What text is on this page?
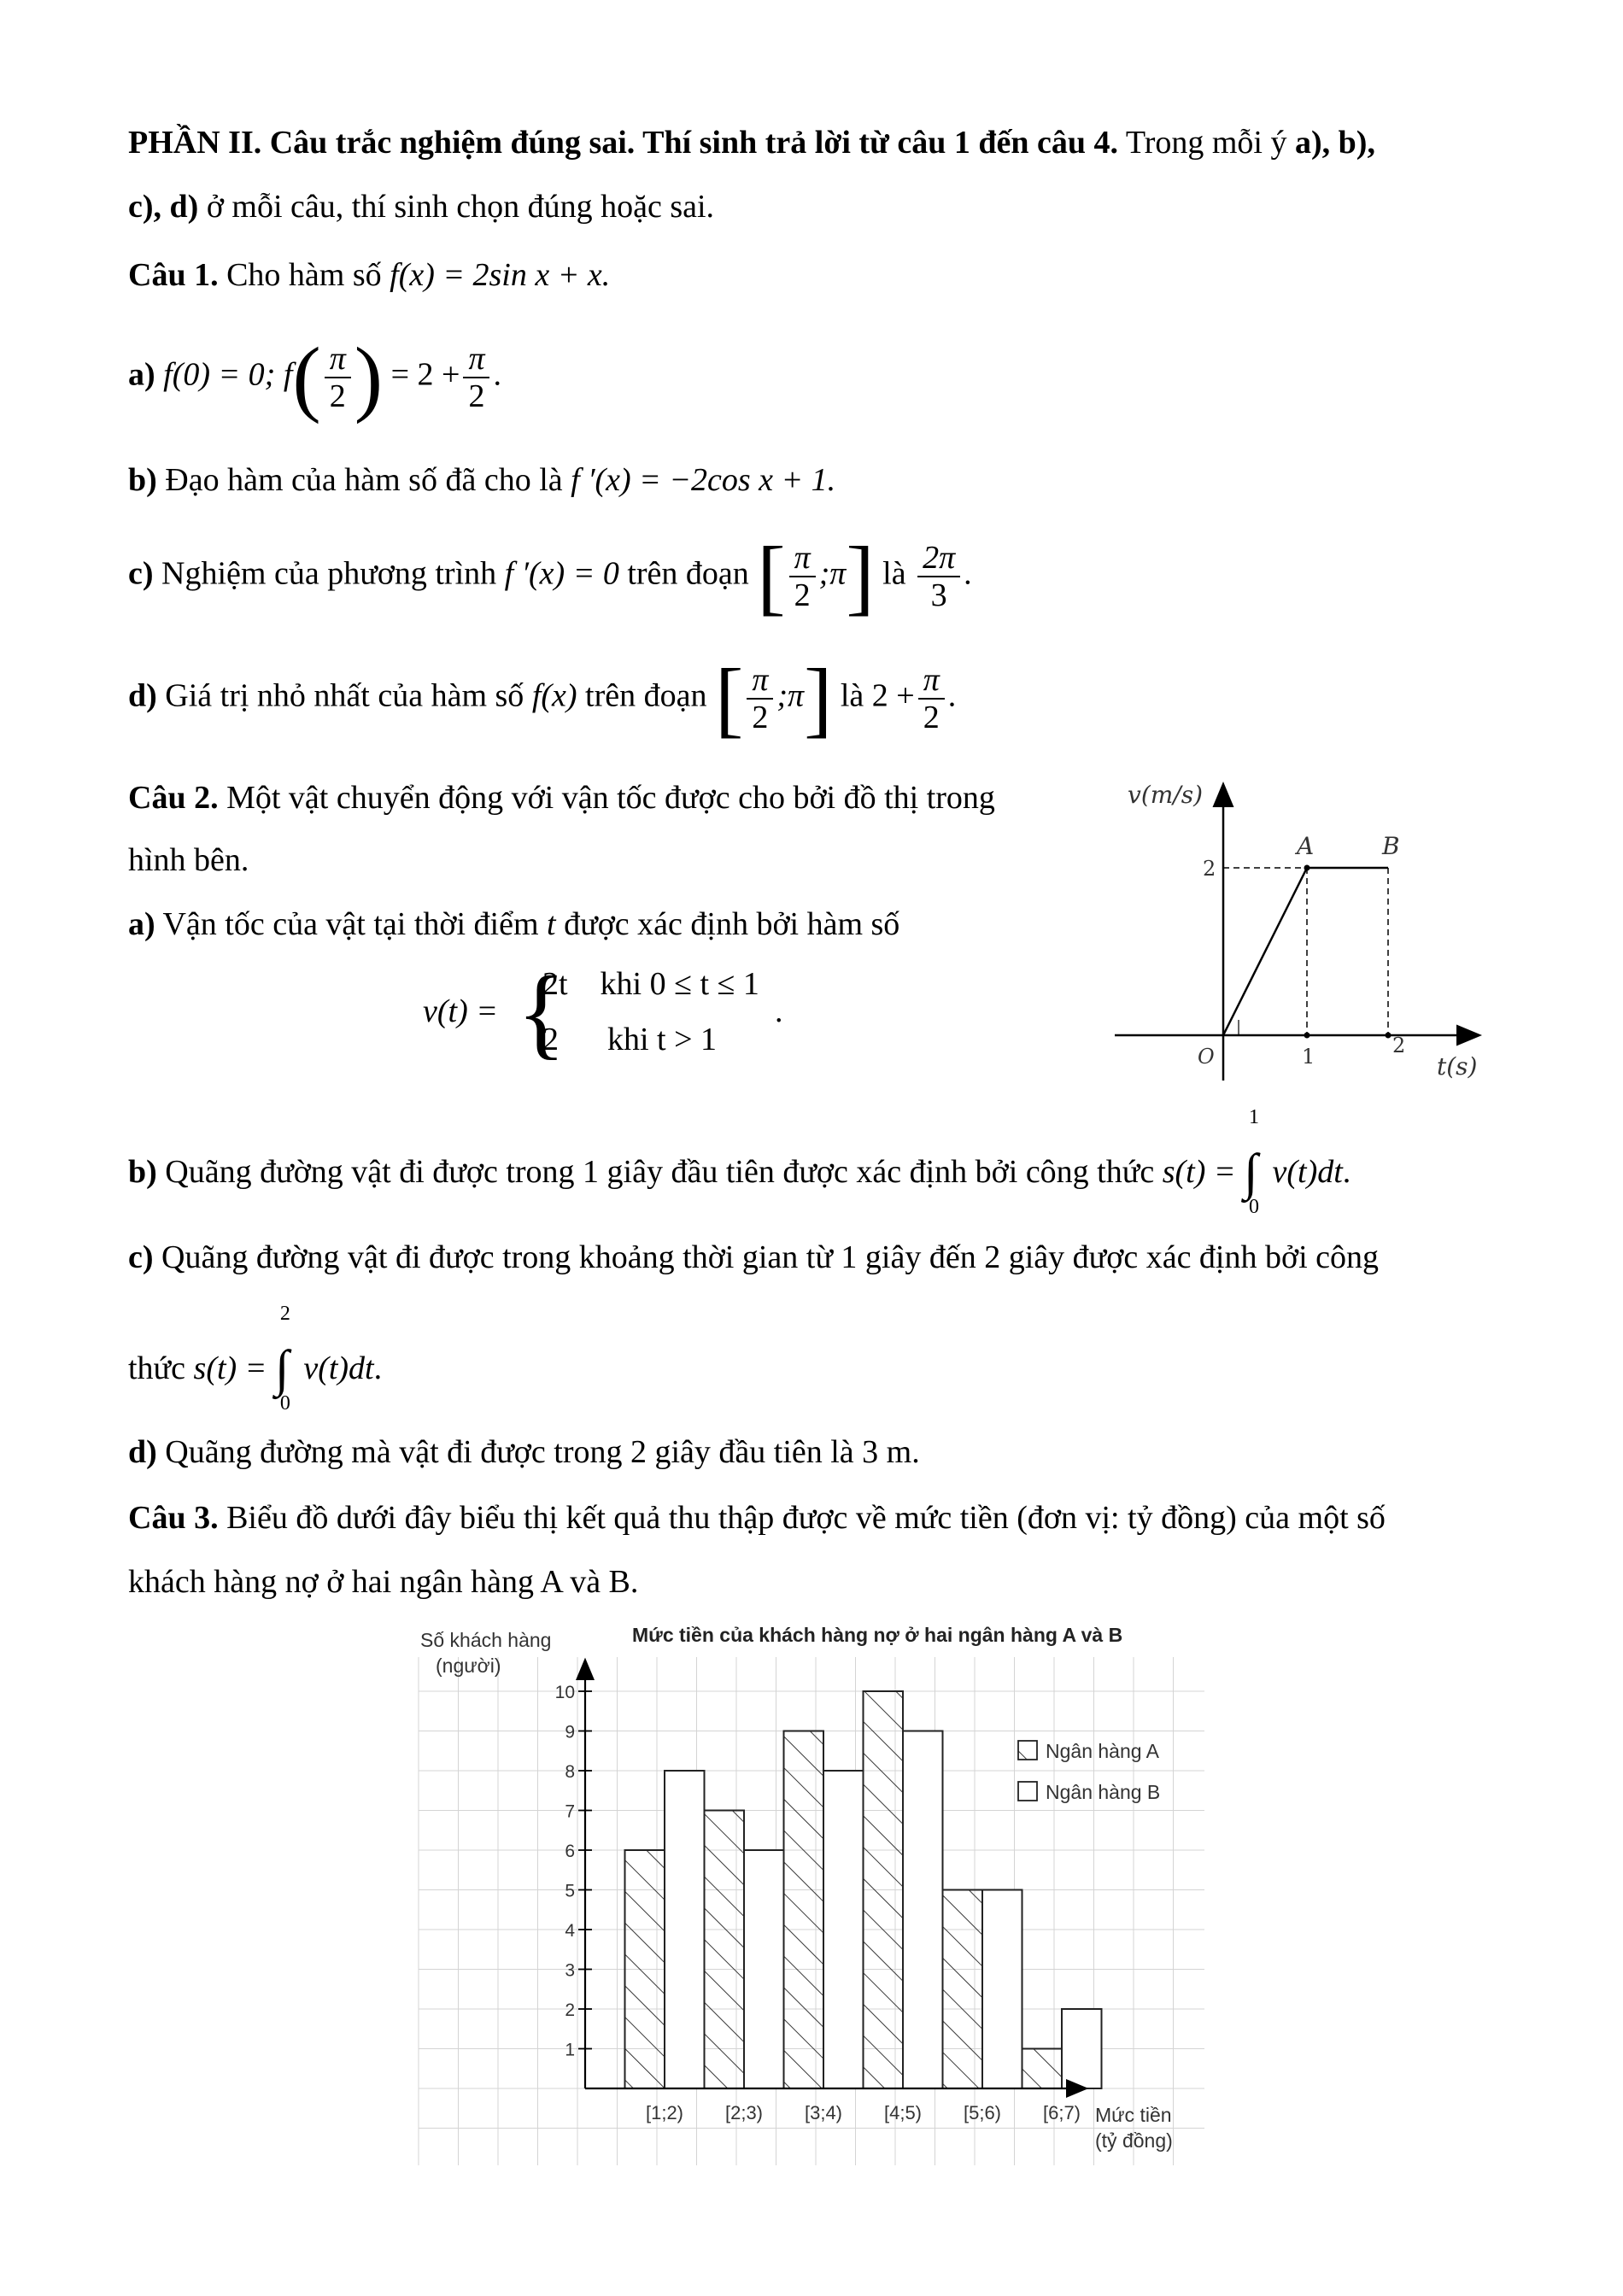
PHẦN II. Câu trắc nghiệm đúng sai. Thí sinh trả lời từ câu 1 đến câu 4. Trong mỗi ý a), b),
c), d) ở mỗi câu, thí sinh chọn đúng hoặc sai.
Câu 1. Cho hàm số f(x) = 2sin x + x.
a) f(0) = 0; $f( \frac{\pi}{2}$ ) = $2 + \frac{\pi}{2}$ .
b) Đạo hàm của hàm số đã cho là f ′(x) = −2cos x + 1.
c) Nghiệm của phương trình f ′(x) = 0 trên đoạn [ $\frac{\pi}{2}$ ;π] là $\frac{2\pi}{3}$ .
d) Giá trị nhỏ nhất của hàm số f(x) trên đoạn [ $\frac{\pi}{2}$ ;π] là $2 + \frac{\pi}{2}$ .
Câu 2. Một vật chuyển động với vận tốc được cho bởi đồ thị trong
hình bên.
a) Vận tốc của vật tại thời điểm t được xác định bởi hàm số
v(t) = {
2t    khi 0 ≤ t ≤ 1
2      khi t > 1
.
v(m/s)
A	B
2
O	1	2
t(s)
b) Quãng đường vật đi được trong 1 giây đầu tiên được xác định bởi công thức s(t) = ∫
1
0
v(t)dt.
c) Quãng đường vật đi được trong khoảng thời gian từ 1 giây đến 2 giây được xác định bởi công
thức s(t) = ∫
2
0
v(t)dt.
d) Quãng đường mà vật đi được trong 2 giây đầu tiên là 3 m.
Câu 3. Biểu đồ dưới đây biểu thị kết quả thu thập được về mức tiền (đơn vị: tỷ đồng) của một số
khách hàng nợ ở hai ngân hàng A và B.
[1;2) [2;3) [3;4) [4;5) [5;6) [6;7)
1
2
3
4
5
6
7
8
9
10
Mức tiền của khách hàng nợ ở hai ngân hàng A và B
Số khách hàng
(người)
Mức tiền
(tỷ đồng)
Ngân hàng A
Ngân hàng B
